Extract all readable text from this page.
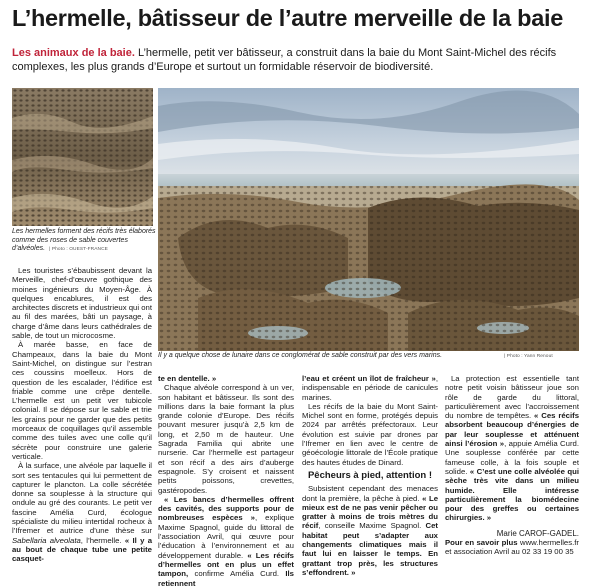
L’hermelle, bâtisseur de l’autre merveille de la baie
Les animaux de la baie. L’hermelle, petit ver bâtisseur, a construit dans la baie du Mont Saint-Michel des récifs complexes, les plus grands d’Europe et surtout un formidable réservoir de biodiversité.
Les hermelles forment des récifs très élaborés comme des roses de sable couvertes d’alvéoles. | Photo : OUEST-FRANCE
Il y a quelque chose de lunaire dans ce conglomérat de sable construit par des vers marins.	| Photo : Yann Renout

Les touristes s’ébaubissent devant la Merveille, chef-d’œuvre gothique des moines ingénieurs du Moyen-Âge. À quelques encablures, il est des architectes discrets et industrieux qui ont au fil des marées, bâti un paysage, à charge d’âme dans leurs cathédrales de sable, de tout un microcosme.

À marée basse, en face de Champeaux, dans la baie du Mont Saint-Michel, on distingue sur l’estran ces coussins moelleux. Hors de question de les escalader, l’édifice est friable comme une crêpe dentelle. L’hermelle est un petit ver tubicole colonial. Il se dépose sur le sable et trie les grains pour ne garder que des petits morceaux de coquillages qu’il assemble comme des tuiles avec une colle qu’il sécrète pour construire une galerie verticale.

À la surface, une alvéole par laquelle il sort ses tentacules qui lui permettent de capturer le plancton. La colle sécrétée donne sa souplesse à la structure qui ondule au gré des courants. Le petit ver fascine Amélia Curd, écologue spécialiste du milieu intertidal rocheux à l’Ifremer et autrice d’une thèse sur Sabellaria alveolata, l’hermelle. « Il y a au bout de chaque tube une petite casquet-

te en dentelle. »

Chaque alvéole correspond à un ver, son habitant et bâtisseur. Ils sont des millions dans la baie formant la plus grande colonie d’Europe. Des récifs pouvant mesurer jusqu’à 2,5 km de long, et 2,50 m de hauteur. Une Sagrada Familia qui abrite une nurserie. Car l’hermelle est partageur et son récif a des airs d’auberge espagnole. S’y croisent et naissent petits poissons, crevettes, gastéropodes.

« Les bancs d’hermelles offrent des cavités, des supports pour de nombreuses espèces », explique Maxime Spagnol, guide du littoral de l’association Avril, qui œuvre pour l’éducation à l’environnement et au développement durable. « Les récifs d’hermelles ont en plus un effet tampon, confirme Amélia Curd. Ils retiennent

l’eau et créent un îlot de fraîcheur », indispensable en période de canicules marines.

Les récifs de la baie du Mont Saint-Michel sont en forme, protégés depuis 2024 par arrêtés préfectoraux. Leur évolution est suivie par drones par l’Ifremer en lien avec le centre de géoécologie littorale de l’École pratique des hautes études de Dinard.

Pêcheurs à pied, attention !

Subsistent cependant des menaces dont la première, la pêche à pied. « Le mieux est de ne pas venir pêcher ou gratter à moins de trois mètres du récif, conseille Maxime Spagnol. Cet habitat peut s’adapter aux changements climatiques mais il faut lui en laisser le temps. En grattant trop près, les structures s’effondrent. »

La protection est essentielle tant notre petit voisin bâtisseur joue son rôle de garde du littoral, particulièrement avec l’accroissement du nombre de tempêtes. « Ces récifs absorbent beaucoup d’énergies de par leur souplesse et atténuent ainsi l’érosion », appuie Amélia Curd. Une souplesse conférée par cette fameuse colle, à la fois souple et solide. « C’est une colle alvéolée qui sèche très vite dans un milieu humide. Elle intéresse particulièrement la biomédecine pour des greffes ou certaines chirurgies. »

Marie CAROF-GADEL.

Pour en savoir plus www.hermelles.fr et association Avril au 02 33 19 00 35
